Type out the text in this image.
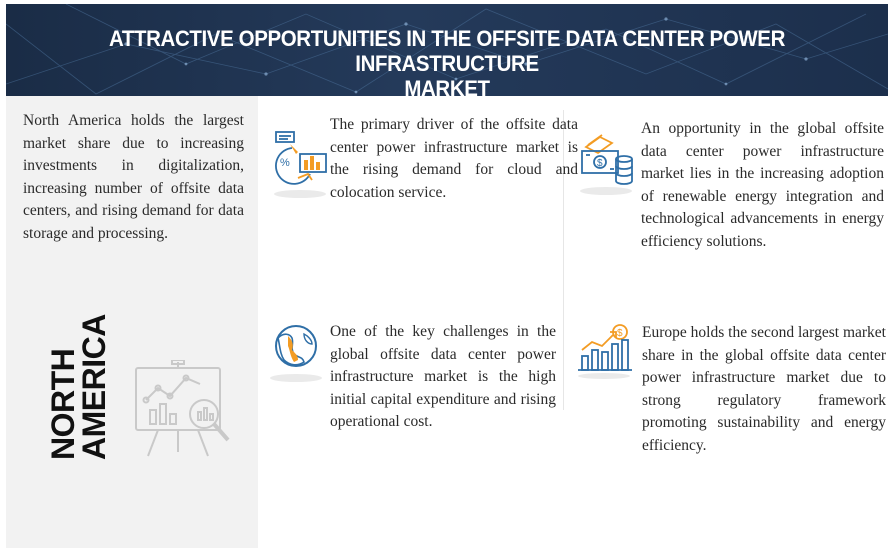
ATTRACTIVE OPPORTUNITIES IN THE OFFSITE DATA CENTER POWER INFRASTRUCTURE
MARKET
North America holds the largest market share due to increasing investments in digitalization, increasing number of offsite data centers, and rising demand for data storage and processing.
NORTH
AMERICA
%	$
$
The primary driver of the offsite data center power infrastructure market is the rising demand for cloud and colocation service.
An opportunity in the global offsite data center power infrastructure market lies in the increasing adoption of renewable energy integration and technological advancements in energy efficiency solutions.
One of the key challenges in the global offsite data center power infrastructure market is the high initial capital expenditure and rising operational cost.
Europe holds the second largest market share in the global offsite data center power infrastructure market due to strong regulatory framework promoting sustainability and energy efficiency.
